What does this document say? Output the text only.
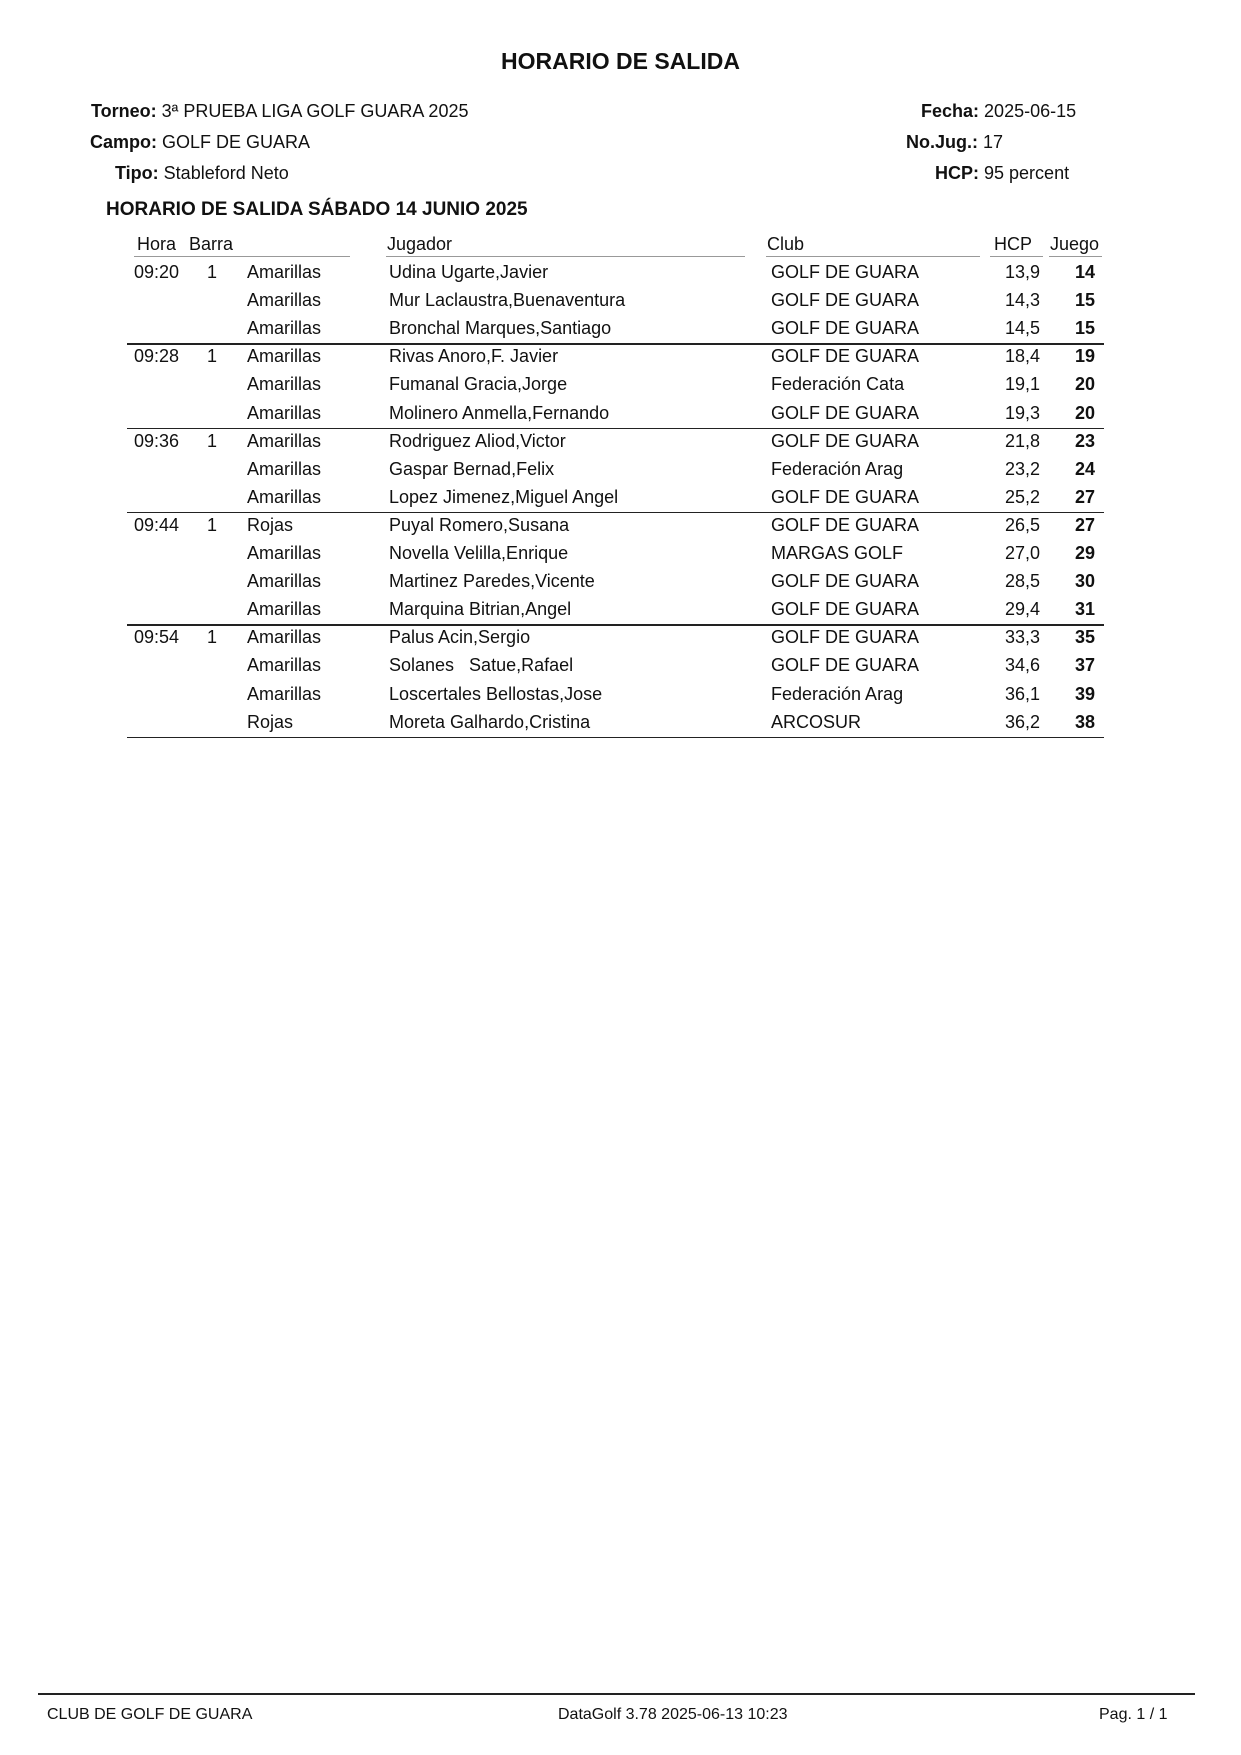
HORARIO DE SALIDA
Torneo: 3ª PRUEBA LIGA GOLF GUARA 2025
Campo: GOLF DE GUARA
Tipo: Stableford Neto
Fecha: 2025-06-15
No.Jug.: 17
HCP: 95 percent
HORARIO DE SALIDA SÁBADO 14 JUNIO 2025
Hora Barra	Jugador	Club	HCP Juego
09:20 1 Amarillas	Udina Ugarte,Javier	GOLF DE GUARA	13,9	14
Amarillas	Mur Laclaustra,Buenaventura	GOLF DE GUARA	14,3	15
Amarillas	Bronchal Marques,Santiago	GOLF DE GUARA	14,5	15
09:28 1 Amarillas	Rivas Anoro,F. Javier	GOLF DE GUARA	18,4	19
Amarillas	Fumanal Gracia,Jorge	Federación Cata	19,1	20
Amarillas	Molinero Anmella,Fernando	GOLF DE GUARA	19,3	20
09:36 1 Amarillas	Rodriguez Aliod,Victor	GOLF DE GUARA	21,8	23
Amarillas	Gaspar Bernad,Felix	Federación Arag	23,2	24
Amarillas	Lopez Jimenez,Miguel Angel	GOLF DE GUARA	25,2	27
09:44 1 Rojas	Puyal Romero,Susana	GOLF DE GUARA	26,5	27
Amarillas	Novella Velilla,Enrique	MARGAS GOLF	27,0	29
Amarillas	Martinez Paredes,Vicente	GOLF DE GUARA	28,5	30
Amarillas	Marquina Bitrian,Angel	GOLF DE GUARA	29,4	31
09:54 1 Amarillas	Palus Acin,Sergio	GOLF DE GUARA	33,3	35
Amarillas	Solanes   Satue,Rafael	GOLF DE GUARA	34,6	37
Amarillas	Loscertales Bellostas,Jose	Federación Arag	36,1	39
Rojas	Moreta Galhardo,Cristina	ARCOSUR	36,2	38
CLUB DE GOLF DE GUARA	DataGolf 3.78 2025-06-13 10:23	Pag. 1 / 1
